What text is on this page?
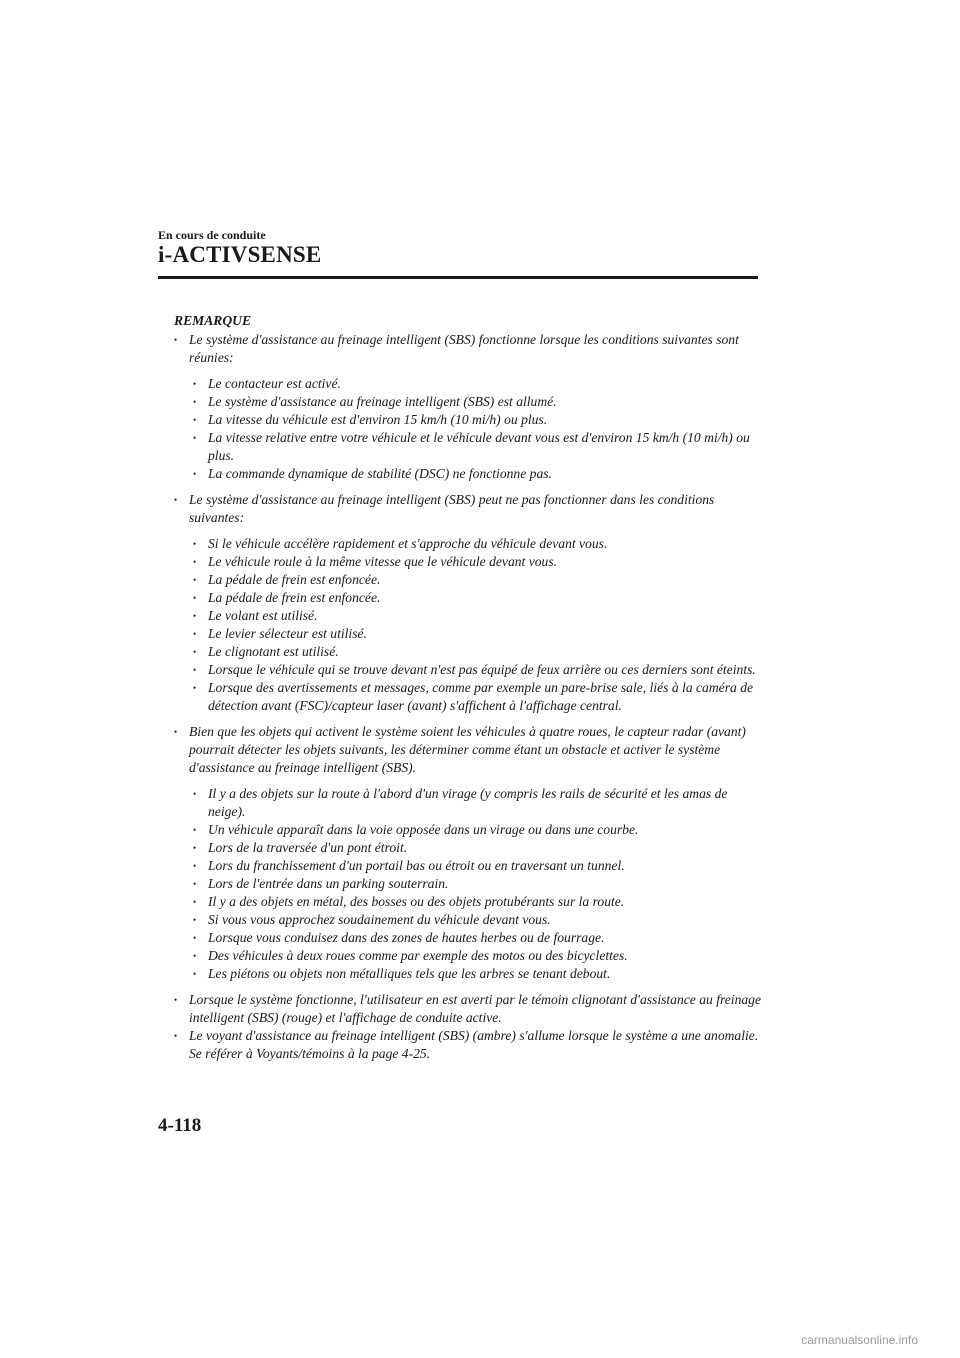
En cours de conduite
i-ACTIVSENSE
REMARQUE
• Le système d'assistance au freinage intelligent (SBS) fonctionne lorsque les conditions suivantes sont réunies:
• Le contacteur est activé.
• Le système d'assistance au freinage intelligent (SBS) est allumé.
• La vitesse du véhicule est d'environ 15 km/h (10 mi/h) ou plus.
• La vitesse relative entre votre véhicule et le véhicule devant vous est d'environ 15 km/h (10 mi/h) ou plus.
• La commande dynamique de stabilité (DSC) ne fonctionne pas.
• Le système d'assistance au freinage intelligent (SBS) peut ne pas fonctionner dans les conditions suivantes:
• Si le véhicule accélère rapidement et s'approche du véhicule devant vous.
• Le véhicule roule à la même vitesse que le véhicule devant vous.
• La pédale de frein est enfoncée.
• La pédale de frein est enfoncée.
• Le volant est utilisé.
• Le levier sélecteur est utilisé.
• Le clignotant est utilisé.
• Lorsque le véhicule qui se trouve devant n'est pas équipé de feux arrière ou ces derniers sont éteints.
• Lorsque des avertissements et messages, comme par exemple un pare-brise sale, liés à la caméra de détection avant (FSC)/capteur laser (avant) s'affichent à l'affichage central.
• Bien que les objets qui activent le système soient les véhicules à quatre roues, le capteur radar (avant) pourrait détecter les objets suivants, les déterminer comme étant un obstacle et activer le système d'assistance au freinage intelligent (SBS).
• Il y a des objets sur la route à l'abord d'un virage (y compris les rails de sécurité et les amas de neige).
• Un véhicule apparaît dans la voie opposée dans un virage ou dans une courbe.
• Lors de la traversée d'un pont étroit.
• Lors du franchissement d'un portail bas ou étroit ou en traversant un tunnel.
• Lors de l'entrée dans un parking souterrain.
• Il y a des objets en métal, des bosses ou des objets protubérants sur la route.
• Si vous vous approchez soudainement du véhicule devant vous.
• Lorsque vous conduisez dans des zones de hautes herbes ou de fourrage.
• Des véhicules à deux roues comme par exemple des motos ou des bicyclettes.
• Les piétons ou objets non métalliques tels que les arbres se tenant debout.
• Lorsque le système fonctionne, l'utilisateur en est averti par le témoin clignotant d'assistance au freinage intelligent (SBS) (rouge) et l'affichage de conduite active.
• Le voyant d'assistance au freinage intelligent (SBS) (ambre) s'allume lorsque le système a une anomalie. Se référer à Voyants/témoins à la page 4-25.
4-118
carmanualsonline.info
